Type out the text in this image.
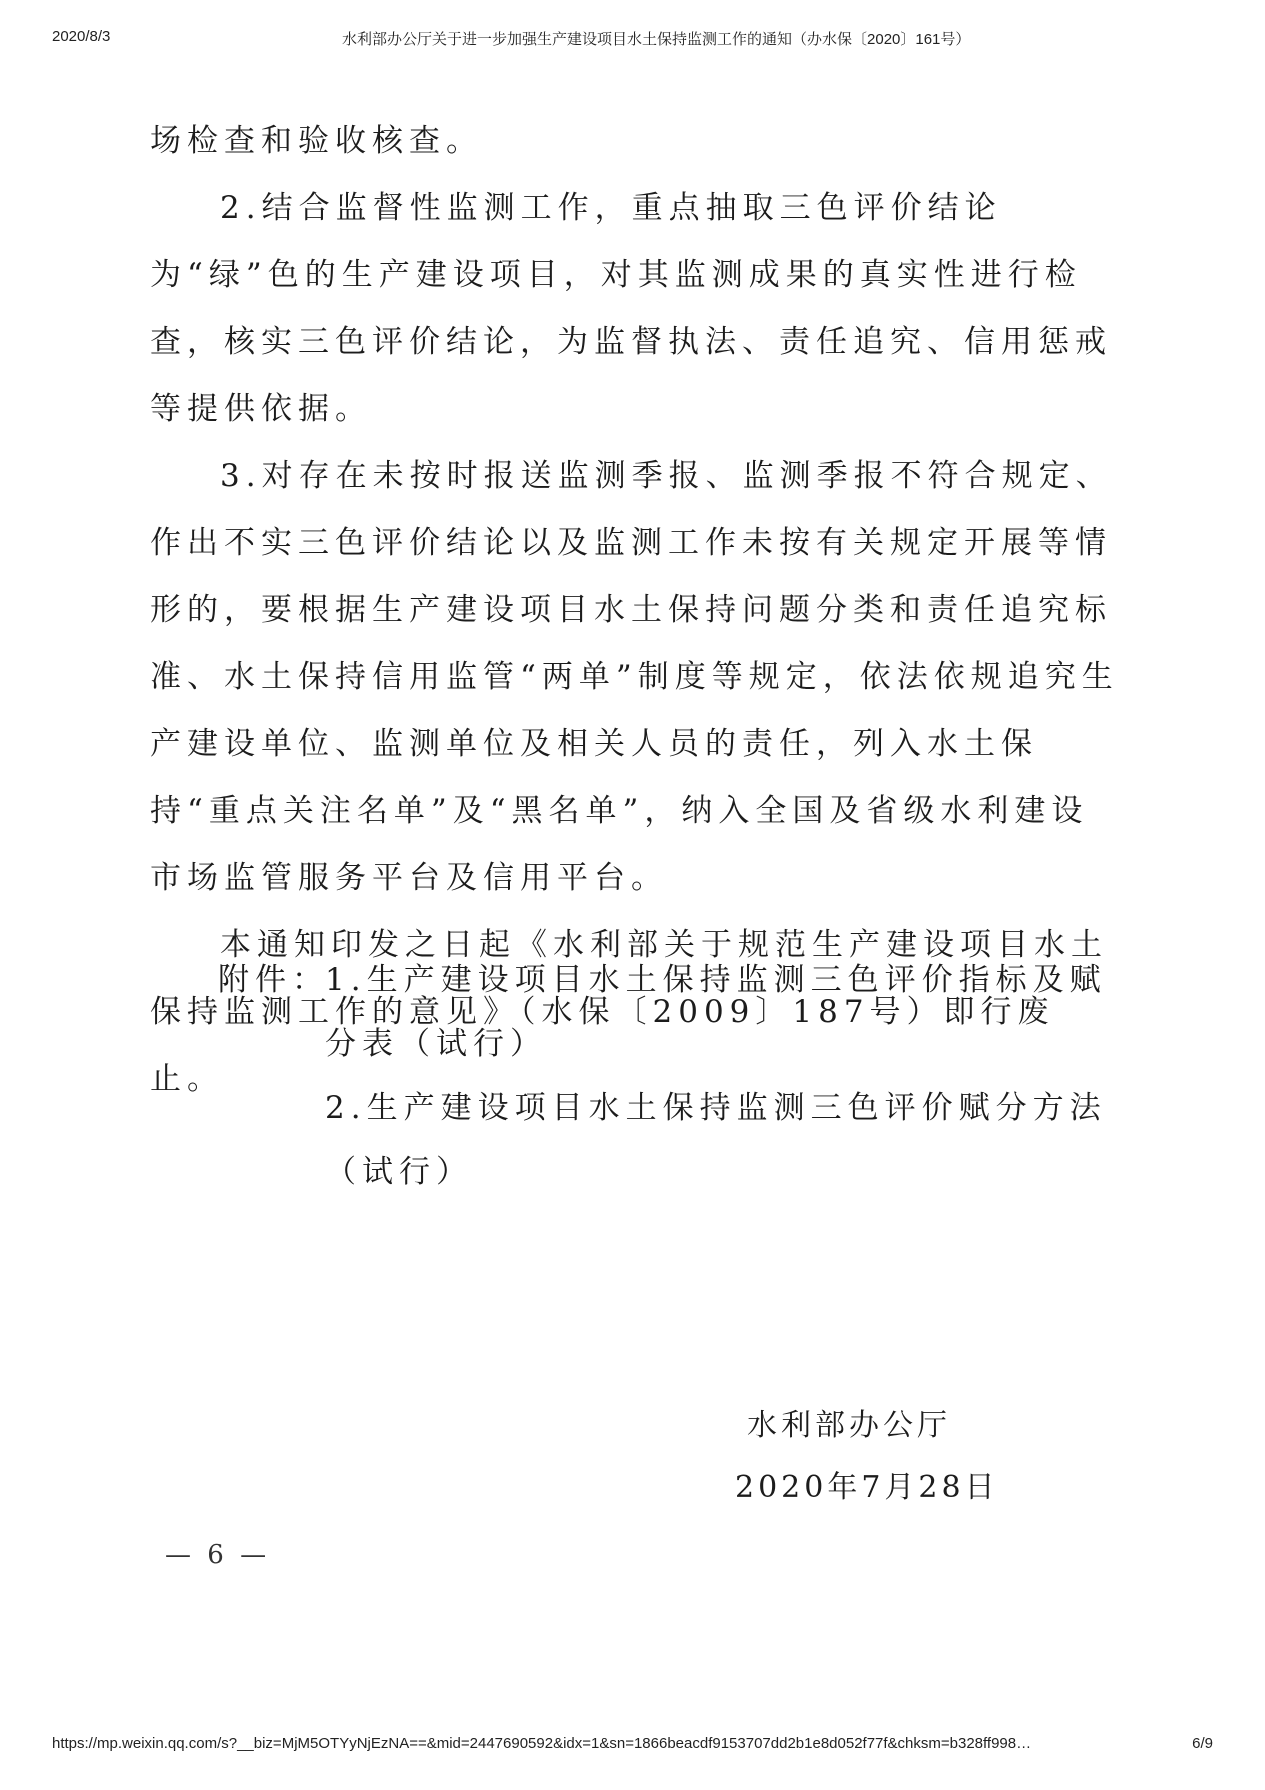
2020/8/3	水利部办公厅关于进一步加强生产建设项目水土保持监测工作的通知（办水保〔2020〕161号）

场检查和验收核查。

2.结合监督性监测工作，重点抽取三色评价结论为“绿”色的生产建设项目，对其监测成果的真实性进行检查，核实三色评价结论，为监督执法、责任追究、信用惩戒等提供依据。

3.对存在未按时报送监测季报、监测季报不符合规定、作出不实三色评价结论以及监测工作未按有关规定开展等情形的，要根据生产建设项目水土保持问题分类和责任追究标准、水土保持信用监管“两单”制度等规定，依法依规追究生产建设单位、监测单位及相关人员的责任，列入水土保持“重点关注名单”及“黑名单”，纳入全国及省级水利建设市场监管服务平台及信用平台。

本通知印发之日起《水利部关于规范生产建设项目水土保持监测工作的意见》（水保〔2009〕187号）即行废止。

附件：
1.生产建设项目水土保持监测三色评价指标及赋分表（试行）
2.生产建设项目水土保持监测三色评价赋分方法（试行）
水利部办公厅
2020年7月28日
— 6 —
https://mp.weixin.qq.com/s?__biz=MjM5OTYyNjEzNA==&mid=2447690592&idx=1&sn=1866beacdf9153707dd2b1e8d052f77f&chksm=b328ff998…	6/9
